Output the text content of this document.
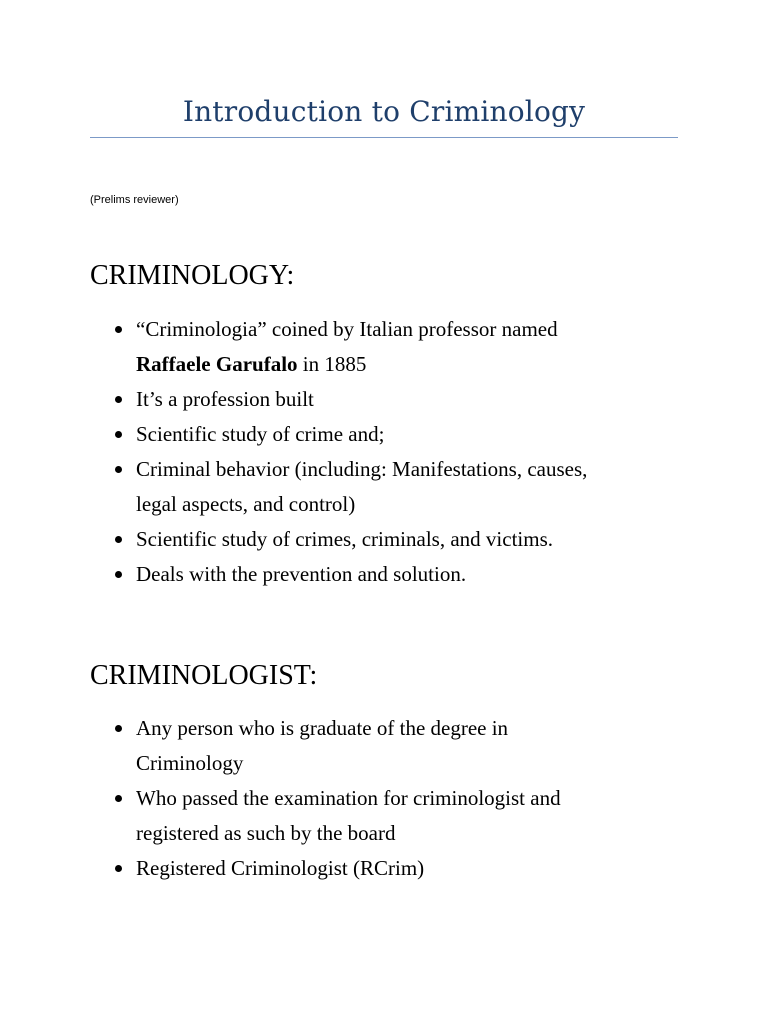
Introduction to Criminology
(Prelims reviewer)
CRIMINOLOGY:
“Criminologia” coined by Italian professor named
Raffaele Garufalo in 1885
It’s a profession built
Scientific study of crime and;
Criminal behavior (including: Manifestations, causes,
legal aspects, and control)
Scientific study of crimes, criminals, and victims.
Deals with the prevention and solution.
CRIMINOLOGIST:
Any person who is graduate of the degree in
Criminology
Who passed the examination for criminologist and
registered as such by the board
Registered Criminologist (RCrim)
